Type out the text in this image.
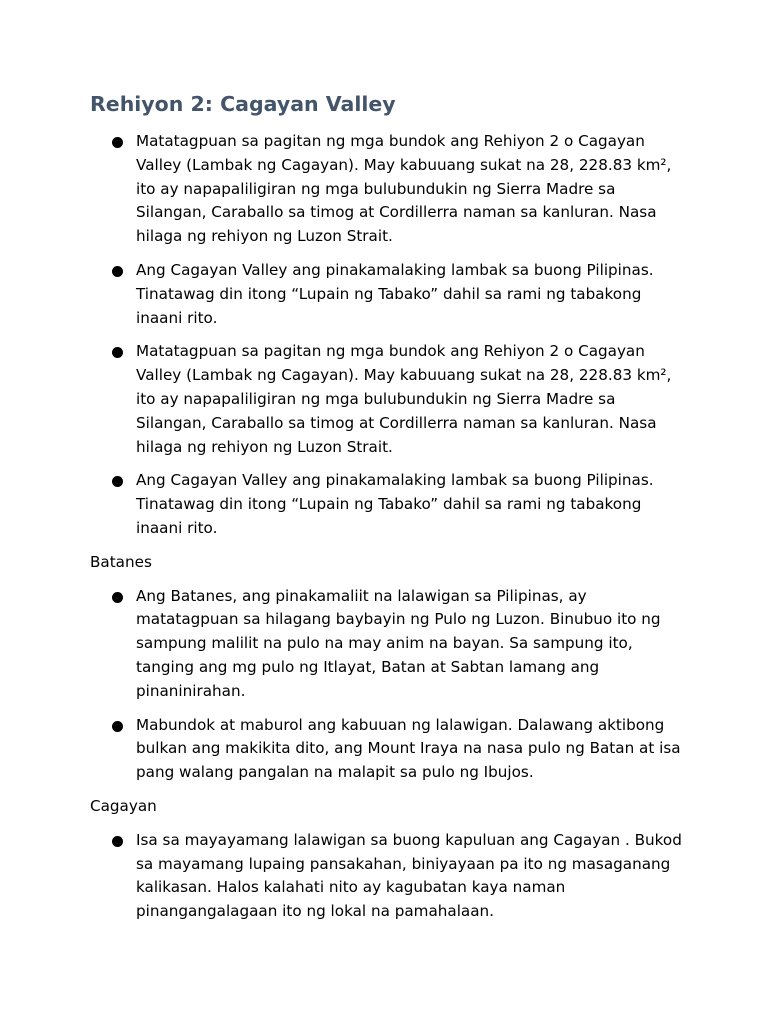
Rehiyon 2: Cagayan Valley
Matatagpuan sa pagitan ng mga bundok ang Rehiyon 2 o Cagayan Valley (Lambak ng Cagayan). May kabuuang sukat na 28, 228.83 km², ito ay napapaliligiran ng mga bulubundukin ng Sierra Madre sa Silangan, Caraballo sa timog at Cordillerra naman sa kanluran. Nasa hilaga ng rehiyon ng Luzon Strait.
Ang Cagayan Valley ang pinakamalaking lambak sa buong Pilipinas. Tinatawag din itong “Lupain ng Tabako” dahil sa rami ng tabakong inaani rito.
Matatagpuan sa pagitan ng mga bundok ang Rehiyon 2 o Cagayan Valley (Lambak ng Cagayan). May kabuuang sukat na 28, 228.83 km², ito ay napapaliligiran ng mga bulubundukin ng Sierra Madre sa Silangan, Caraballo sa timog at Cordillerra naman sa kanluran. Nasa hilaga ng rehiyon ng Luzon Strait.
Ang Cagayan Valley ang pinakamalaking lambak sa buong Pilipinas. Tinatawag din itong “Lupain ng Tabako” dahil sa rami ng tabakong inaani rito.
Batanes
Ang Batanes, ang pinakamaliit na lalawigan sa Pilipinas, ay matatagpuan sa hilagang baybayin ng Pulo ng Luzon. Binubuo ito ng sampung malilit na pulo na may anim na bayan. Sa sampung ito, tanging ang mg pulo ng Itlayat, Batan at Sabtan lamang ang pinaninirahan.
Mabundok at maburol ang kabuuan ng lalawigan. Dalawang aktibong bulkan ang makikita dito, ang Mount Iraya na nasa pulo ng Batan at isa pang walang pangalan na malapit sa pulo ng Ibujos.
Cagayan
Isa sa mayayamang lalawigan sa buong kapuluan ang Cagayan . Bukod sa mayamang lupaing pansakahan, biniyayaan pa ito ng masaganang kalikasan. Halos kalahati nito ay kagubatan kaya naman pinangangalagaan ito ng lokal na pamahalaan.
